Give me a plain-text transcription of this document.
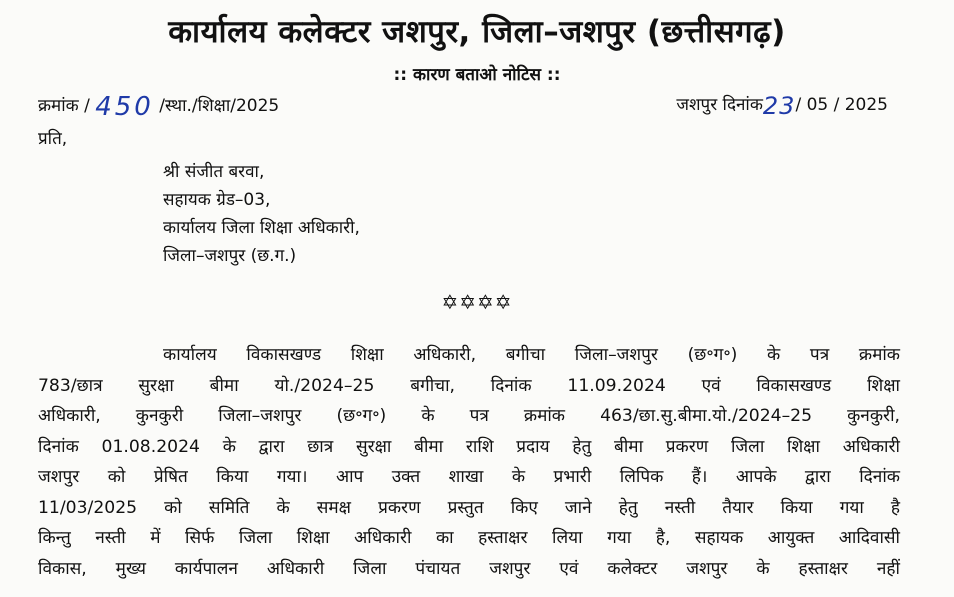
कार्यालय कलेक्टर जशपुर, जिला–जशपुर (छत्तीसगढ़)
:: कारण बताओ नोटिस ::
क्रमांक / 450 /स्था./शिक्षा/2025	जशपुर दिनांक23/ 05 / 2025
प्रति,
श्री संजीत बरवा,
सहायक ग्रेड–03,
कार्यालय जिला शिक्षा अधिकारी,
जिला–जशपुर (छ.ग.)
✡✡✡✡
कार्यालय विकासखण्ड शिक्षा अधिकारी, बगीचा जिला–जशपुर (छ॰ग॰) के पत्र क्रमांक
783/छात्र सुरक्षा बीमा यो./2024–25 बगीचा, दिनांक 11.09.2024 एवं विकासखण्ड शिक्षा
अधिकारी, कुनकुरी जिला–जशपुर (छ॰ग॰) के पत्र क्रमांक 463/छा.सु.बीमा.यो./2024–25 कुनकुरी,
दिनांक 01.08.2024 के द्वारा छात्र सुरक्षा बीमा राशि प्रदाय हेतु बीमा प्रकरण जिला शिक्षा अधिकारी
जशपुर को प्रेषित किया गया। आप उक्त शाखा के प्रभारी लिपिक हैं। आपके द्वारा दिनांक
11/03/2025 को समिति के समक्ष प्रकरण प्रस्तुत किए जाने हेतु नस्ती तैयार किया गया है
किन्तु नस्ती में सिर्फ जिला शिक्षा अधिकारी का हस्ताक्षर लिया गया है, सहायक आयुक्त आदिवासी
विकास, मुख्य कार्यपालन अधिकारी जिला पंचायत जशपुर एवं कलेक्टर जशपुर के हस्ताक्षर नहीं
